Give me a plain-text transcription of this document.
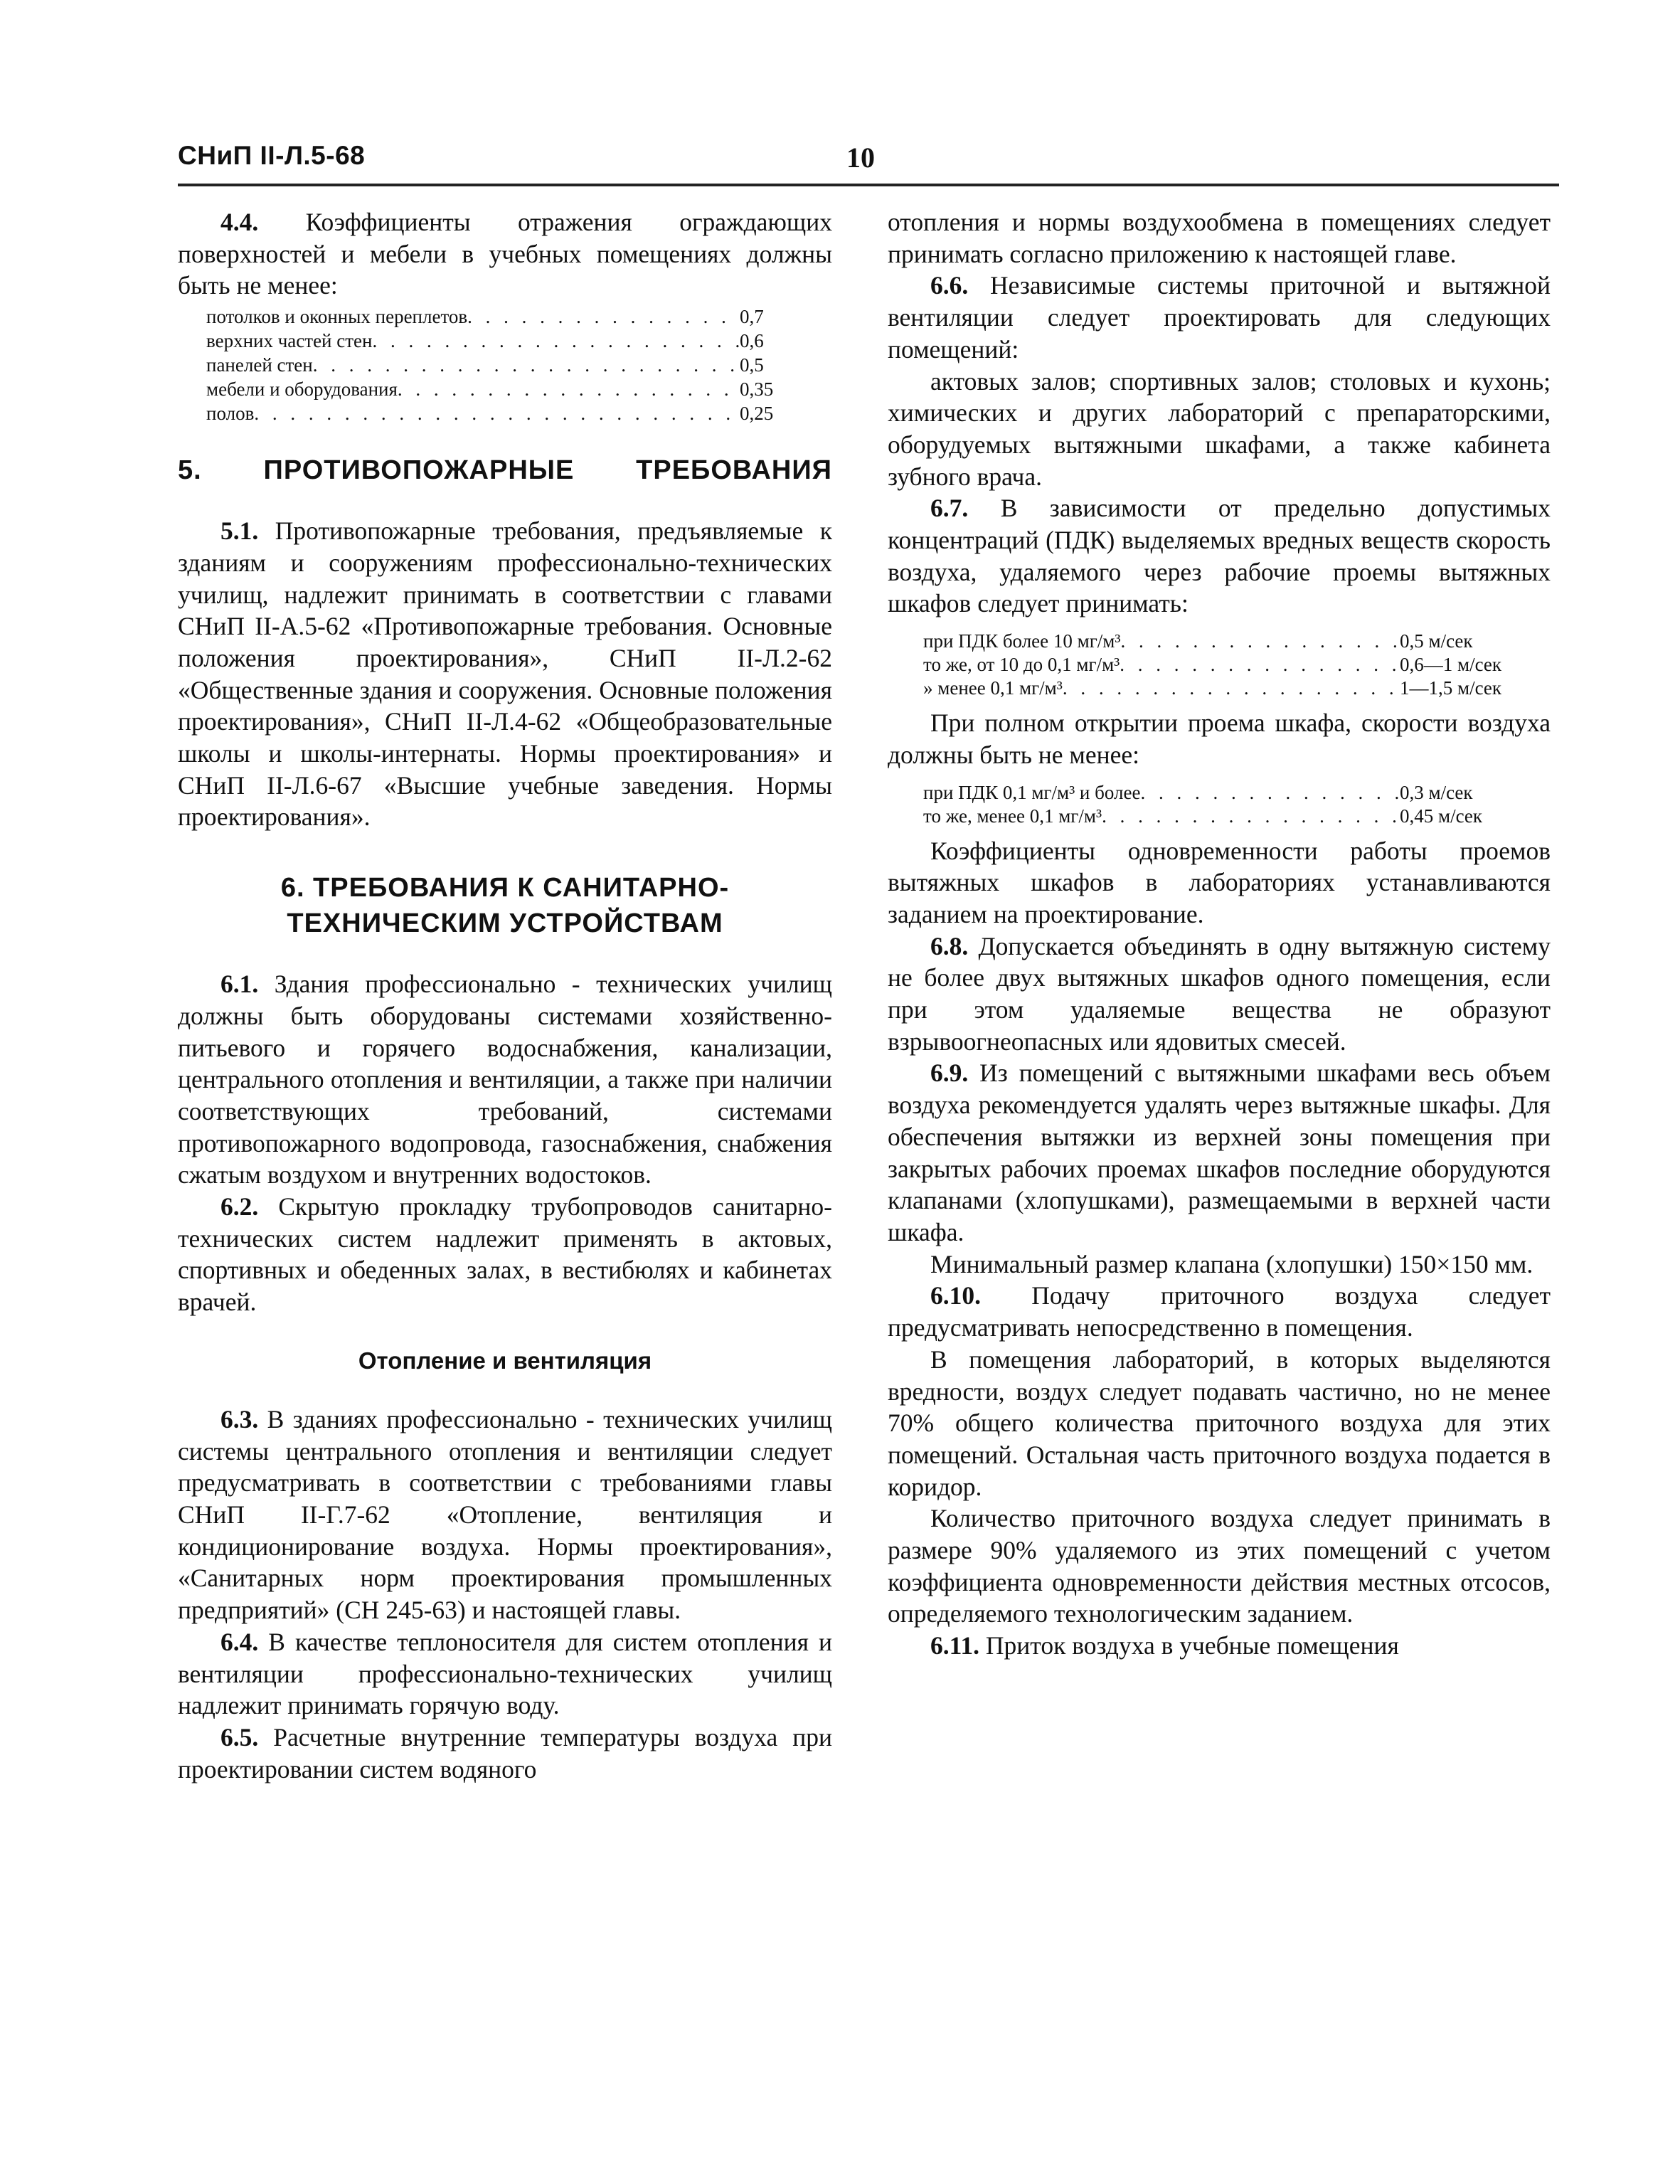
СНиП II-Л.5-68	10

4.4. Коэффициенты отражения ограждающих поверхностей и мебели в учебных помещениях должны быть не менее:

потолков и оконных переплетов . . .	0,7
верхних частей стен . . .	0,6
панелей стен . . .	0,5
мебели и оборудования . . .	0,35
полов . . .	0,25
5. ПРОТИВОПОЖАРНЫЕ ТРЕБОВАНИЯ

5.1. Противопожарные требования, предъявляемые к зданиям и сооружениям профессионально-технических училищ, надлежит принимать в соответствии с главами СНиП II-А.5-62 «Противопожарные требования. Основные положения проектирования», СНиП II-Л.2-62 «Общественные здания и сооружения. Основные положения проектирования», СНиП II-Л.4-62 «Общеобразовательные школы и школы-интернаты. Нормы проектирования» и СНиП II-Л.6-67 «Высшие учебные заведения. Нормы проектирования».

6. ТРЕБОВАНИЯ К САНИТАРНО-
ТЕХНИЧЕСКИМ УСТРОЙСТВАМ

6.1. Здания профессионально - технических училищ должны быть оборудованы системами хозяйственно-питьевого и горячего водоснабжения, канализации, центрального отопления и вентиляции, а также при наличии соответствующих требований, системами противопожарного водопровода, газоснабжения, снабжения сжатым воздухом и внутренних водостоков.

6.2. Скрытую прокладку трубопроводов санитарно-технических систем надлежит применять в актовых, спортивных и обеденных залах, в вестибюлях и кабинетах врачей.

Отопление и вентиляция

6.3. В зданиях профессионально - технических училищ системы центрального отопления и вентиляции следует предусматривать в соответствии с требованиями главы СНиП II-Г.7-62 «Отопление, вентиляция и кондиционирование воздуха. Нормы проектирования», «Санитарных норм проектирования промышленных предприятий» (СН 245-63) и настоящей главы.

6.4. В качестве теплоносителя для систем отопления и вентиляции профессионально-технических училищ надлежит принимать горячую воду.

6.5. Расчетные внутренние температуры воздуха при проектировании систем водяного

отопления и нормы воздухообмена в помещениях следует принимать согласно приложению к настоящей главе.

6.6. Независимые системы приточной и вытяжной вентиляции следует проектировать для следующих помещений:

актовых залов; спортивных залов; столовых и кухонь; химических и других лабораторий с препараторскими, оборудуемых вытяжными шкафами, а также кабинета зубного врача.

6.7. В зависимости от предельно допустимых концентраций (ПДК) выделяемых вредных веществ скорость воздуха, удаляемого через рабочие проемы вытяжных шкафов следует принимать:

при ПДК более 10 мг/м³ . . .	0,5 м/сек
то же, от 10 до 0,1 мг/м³ . . .	0,6—1 м/сек
» менее 0,1 мг/м³ . . .	1—1,5 м/сек

При полном открытии проема шкафа, скорости воздуха должны быть не менее:

при ПДК 0,1 мг/м³ и более . . .	0,3 м/сек
то же, менее 0,1 мг/м³ . . .	0,45 м/сек

Коэффициенты одновременности работы проемов вытяжных шкафов в лабораториях устанавливаются заданием на проектирование.

6.8. Допускается объединять в одну вытяжную систему не более двух вытяжных шкафов одного помещения, если при этом удаляемые вещества не образуют взрывоогнеопасных или ядовитых смесей.

6.9. Из помещений с вытяжными шкафами весь объем воздуха рекомендуется удалять через вытяжные шкафы. Для обеспечения вытяжки из верхней зоны помещения при закрытых рабочих проемах шкафов последние оборудуются клапанами (хлопушками), размещаемыми в верхней части шкафа.

Минимальный размер клапана (хлопушки) 150×150 мм.

6.10. Подачу приточного воздуха следует предусматривать непосредственно в помещения.

В помещения лабораторий, в которых выделяются вредности, воздух следует подавать частично, но не менее 70% общего количества приточного воздуха для этих помещений. Остальная часть приточного воздуха подается в коридор.

Количество приточного воздуха следует принимать в размере 90% удаляемого из этих помещений с учетом коэффициента одновременности действия местных отсосов, определяемого технологическим заданием.

6.11. Приток воздуха в учебные помещения
